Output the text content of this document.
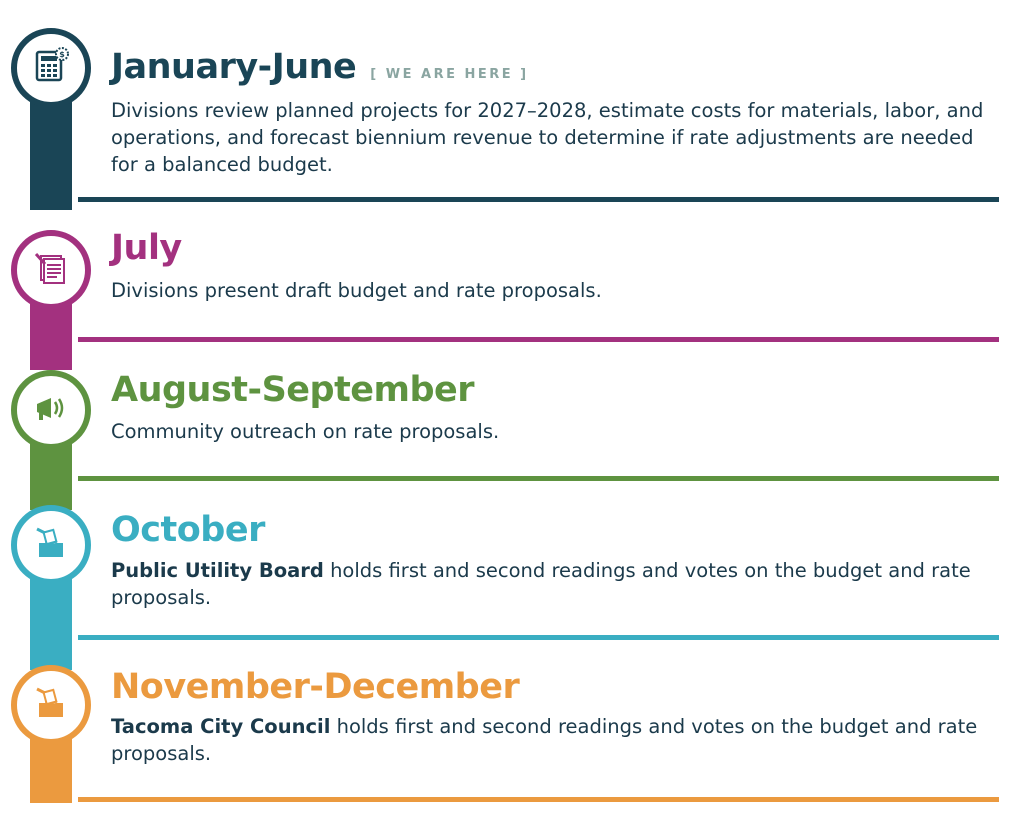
$ January-June [ WE ARE HERE ]
Divisions review planned projects for 2027–2028, estimate costs for materials, labor, and operations, and forecast biennium revenue to determine if rate adjustments are needed for a balanced budget.
July
Divisions present draft budget and rate proposals.
August-September
Community outreach on rate proposals.
October
Public Utility Board holds first and second readings and votes on the budget and rate proposals.
November-December
Tacoma City Council holds first and second readings and votes on the budget and rate proposals.
